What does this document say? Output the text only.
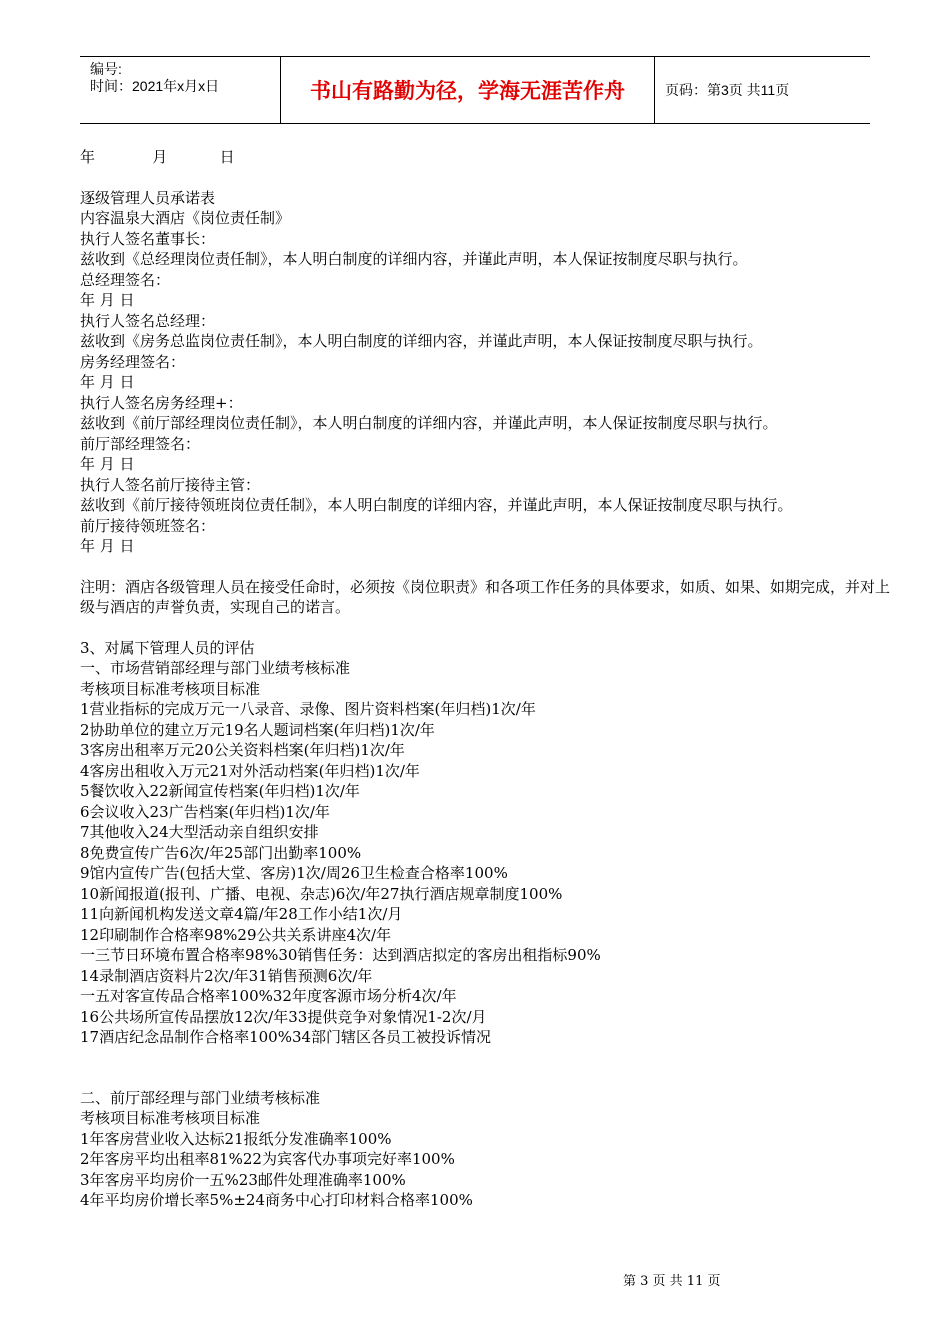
编号:
时间：2021年x月x日	书山有路勤为径，学海无涯苦作舟	页码：第3页 共11页
年            月           日
逐级管理人员承诺表
内容温泉大酒店《岗位责任制》
执行人签名董事长：
兹收到《总经理岗位责任制》，本人明白制度的详细内容，并谨此声明，本人保证按制度尽职与执行。
总经理签名：
年 月 日
执行人签名总经理：
兹收到《房务总监岗位责任制》，本人明白制度的详细内容，并谨此声明，本人保证按制度尽职与执行。
房务经理签名：
年 月 日
执行人签名房务经理+：
兹收到《前厅部经理岗位责任制》，本人明白制度的详细内容，并谨此声明，本人保证按制度尽职与执行。
前厅部经理签名：
年 月 日
执行人签名前厅接待主管：
兹收到《前厅接待领班岗位责任制》，本人明白制度的详细内容，并谨此声明，本人保证按制度尽职与执行。
前厅接待领班签名：
年 月 日
注明：酒店各级管理人员在接受任命时，必须按《岗位职责》和各项工作任务的具体要求，如质、如果、如期完成，并对上级与酒店的声誉负责，实现自己的诺言。
3、对属下管理人员的评估
一、市场营销部经理与部门业绩考核标准
考核项目标准考核项目标准
1营业指标的完成万元一八录音、录像、图片资料档案(年归档)1次/年
2协助单位的建立万元19名人题词档案(年归档)1次/年
3客房出租率万元20公关资料档案(年归档)1次/年
4客房出租收入万元21对外活动档案(年归档)1次/年
5餐饮收入22新闻宣传档案(年归档)1次/年
6会议收入23广告档案(年归档)1次/年
7其他收入24大型活动亲自组织安排
8免费宣传广告6次/年25部门出勤率100%
9馆内宣传广告(包括大堂、客房)1次/周26卫生检查合格率100%
10新闻报道(报刊、广播、电视、杂志)6次/年27执行酒店规章制度100%
11向新闻机构发送文章4篇/年28工作小结1次/月
12印刷制作合格率98%29公共关系讲座4次/年
一三节日环境布置合格率98%30销售任务：达到酒店拟定的客房出租指标90%
14录制酒店资料片2次/年31销售预测6次/年
一五对客宣传品合格率100%32年度客源市场分析4次/年
16公共场所宣传品摆放12次/年33提供竞争对象情况1-2次/月
17酒店纪念品制作合格率100%34部门辖区各员工被投诉情况
二、前厅部经理与部门业绩考核标准
考核项目标准考核项目标准
1年客房营业收入达标21报纸分发准确率100%
2年客房平均出租率81%22为宾客代办事项完好率100%
3年客房平均房价一五%23邮件处理准确率100%
4年平均房价增长率5%±24商务中心打印材料合格率100%
第 3 页 共 11 页
